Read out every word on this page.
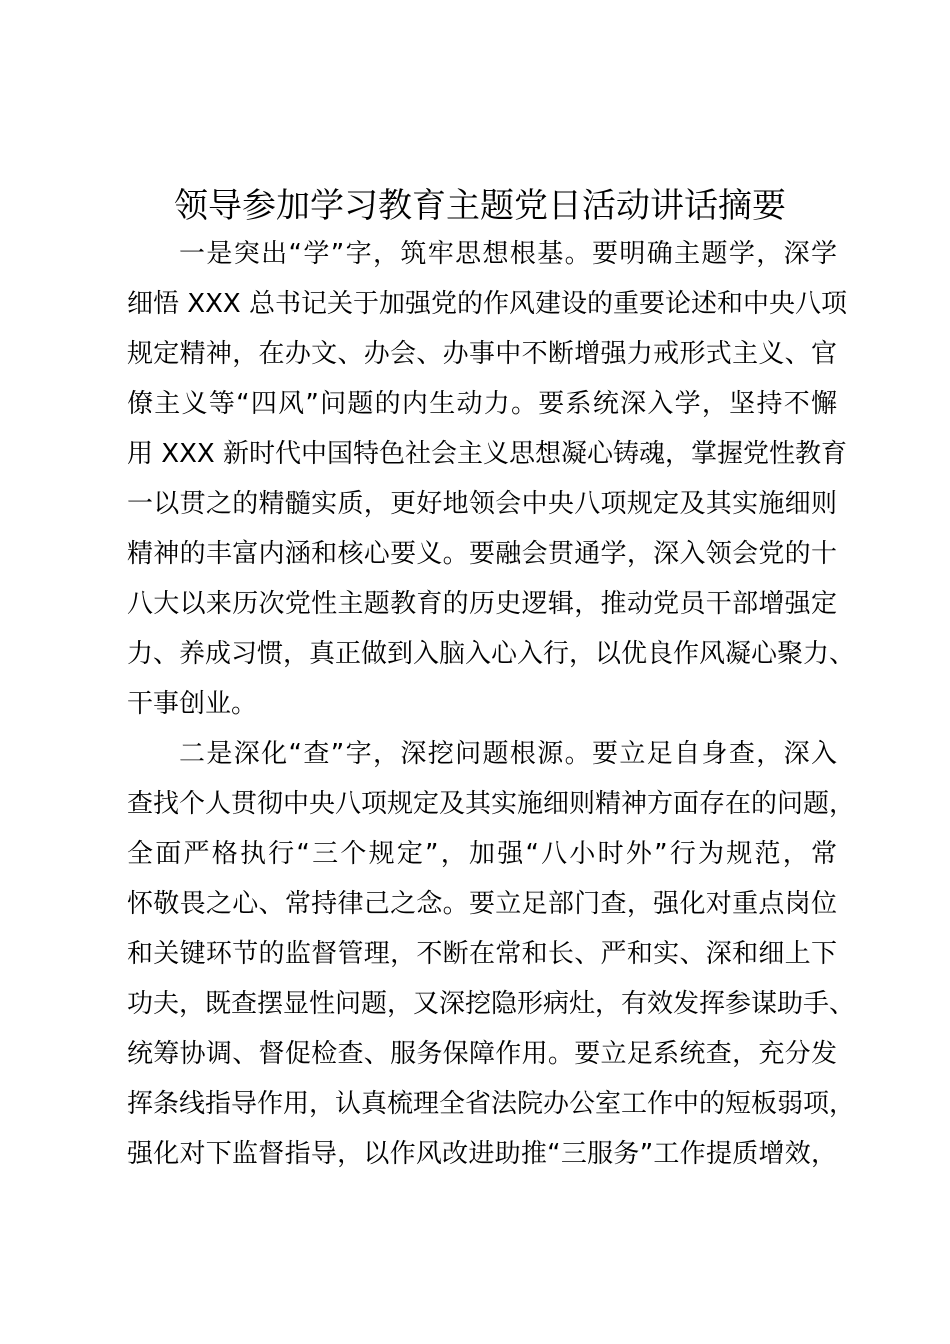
领导参加学习教育主题党日活动讲话摘要
一是突出“学”字，筑牢思想根基。要明确主题学，深学
细悟 XXX 总书记关于加强党的作风建设的重要论述和中央八项
规定精神，在办文、办会、办事中不断增强力戒形式主义、官
僚主义等“四风”问题的内生动力。要系统深入学，坚持不懈
用 XXX 新时代中国特色社会主义思想凝心铸魂，掌握党性教育
一以贯之的精髓实质，更好地领会中央八项规定及其实施细则
精神的丰富内涵和核心要义。要融会贯通学，深入领会党的十
八大以来历次党性主题教育的历史逻辑，推动党员干部增强定
力、养成习惯，真正做到入脑入心入行，以优良作风凝心聚力、
干事创业。
二是深化“查”字，深挖问题根源。要立足自身查，深入
查找个人贯彻中央八项规定及其实施细则精神方面存在的问题，
全面严格执行“三个规定”，加强“八小时外”行为规范，常
怀敬畏之心、常持律己之念。要立足部门查，强化对重点岗位
和关键环节的监督管理，不断在常和长、严和实、深和细上下
功夫，既查摆显性问题，又深挖隐形病灶，有效发挥参谋助手、
统筹协调、督促检查、服务保障作用。要立足系统查，充分发
挥条线指导作用，认真梳理全省法院办公室工作中的短板弱项，
强化对下监督指导，以作风改进助推“三服务”工作提质增效，
